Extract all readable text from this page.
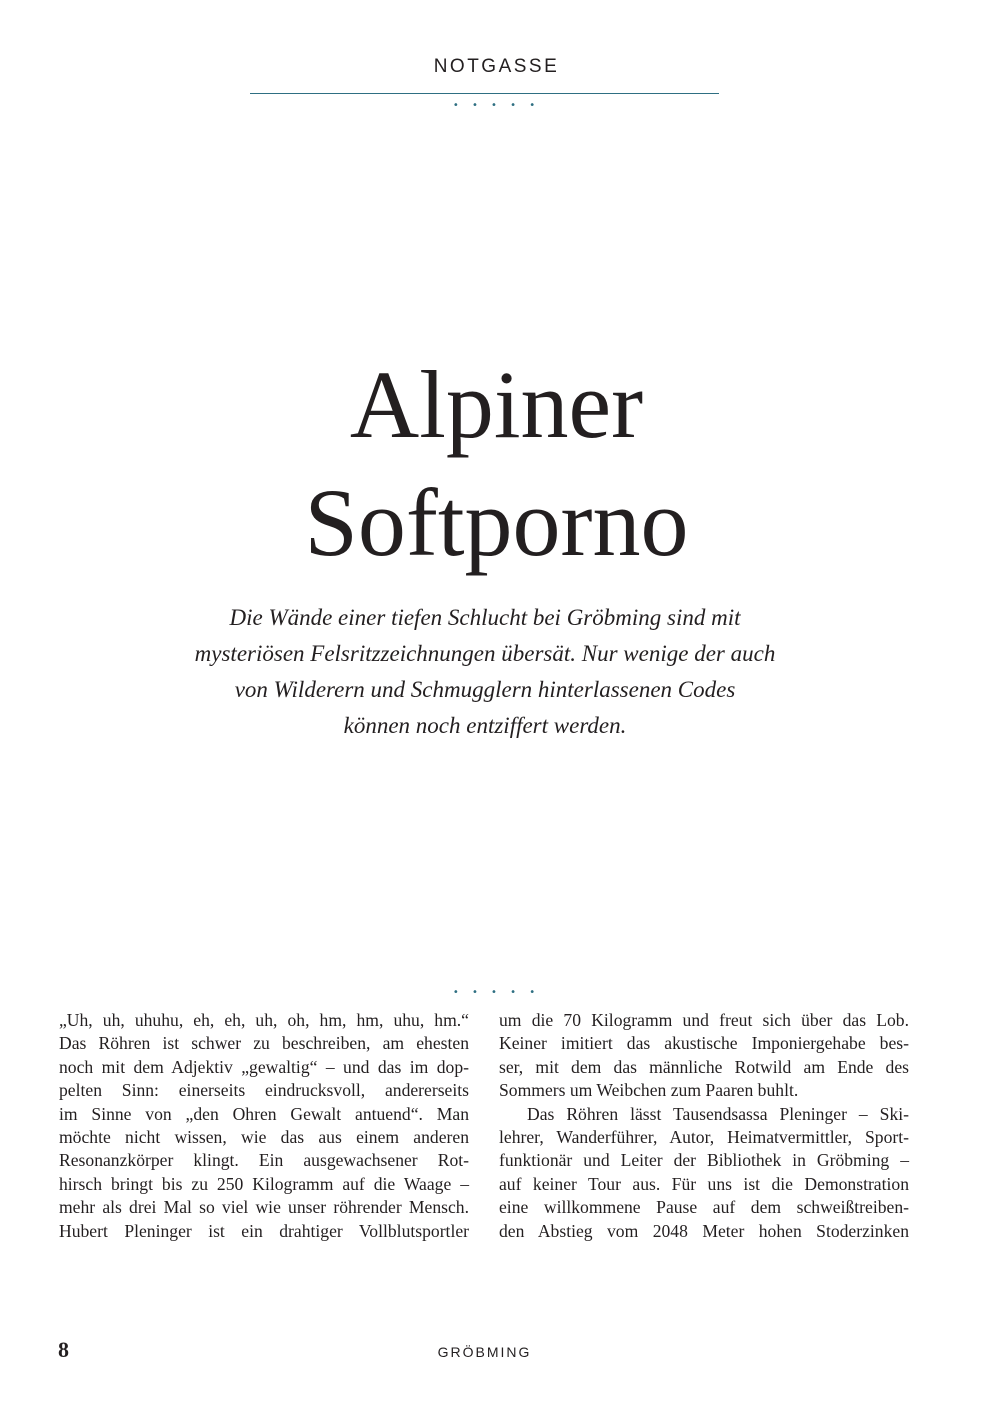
NOTGASSE
• • • • •
Alpiner
Softporno

Die Wände einer tiefen Schlucht bei Gröbming sind mit
mysteriösen Felsritzzeichnungen übersät. Nur wenige der auch
von Wilderern und Schmugglern hinterlassenen Codes
können noch entziffert werden.

• • • • •
„Uh, uh, uhuhu, eh, eh, uh, oh, hm, hm, uhu, hm.“
Das Röhren ist schwer zu beschreiben, am ehesten
noch mit dem Adjektiv „gewaltig“ – und das im dop-
pelten Sinn: einerseits eindrucksvoll, andererseits
im Sinne von „den Ohren Gewalt antuend“. Man
möchte nicht wissen, wie das aus einem anderen
Resonanzkörper klingt. Ein ausgewachsener Rot-
hirsch bringt bis zu 250 Kilogramm auf die Waage –
mehr als drei Mal so viel wie unser röhrender Mensch.
Hubert Pleninger ist ein drahtiger Vollblutsportler
um die 70 Kilogramm und freut sich über das Lob.
Keiner imitiert das akustische Imponiergehabe bes-
ser, mit dem das männliche Rotwild am Ende des
Sommers um Weibchen zum Paaren buhlt.
Das Röhren lässt Tausendsassa Pleninger – Ski-
lehrer, Wanderführer, Autor, Heimatvermittler, Sport-
funktionär und Leiter der Bibliothek in Gröbming –
auf keiner Tour aus. Für uns ist die Demonstration
eine willkommene Pause auf dem schweißtreiben-
den Abstieg vom 2048 Meter hohen Stoderzinken
8	GRÖBMING
